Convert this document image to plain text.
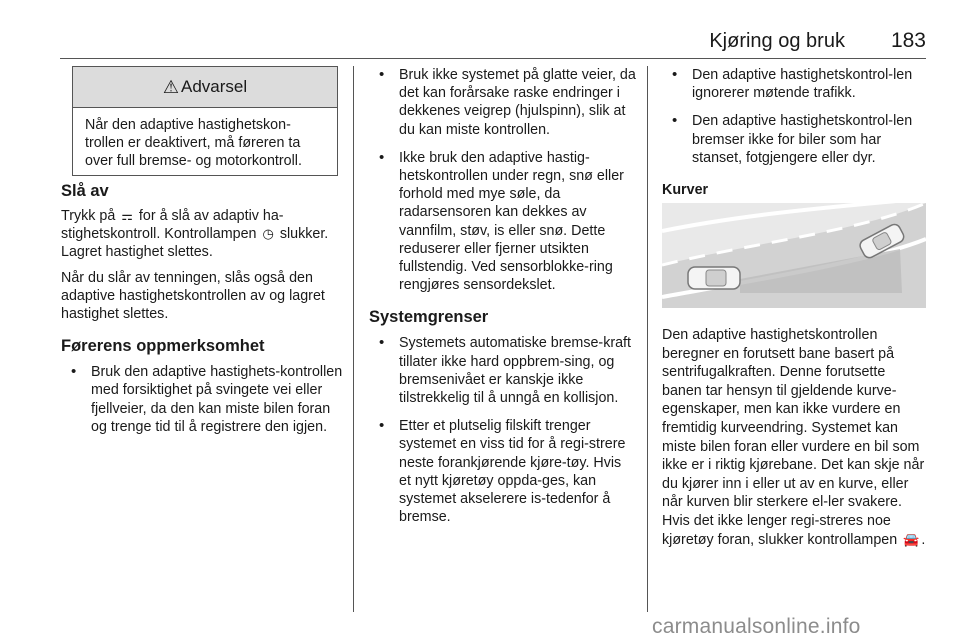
Kjøring og bruk 183
⚠ Advarsel
Når den adaptive hastighetskon-trollen er deaktivert, må føreren ta over full bremse- og motorkontroll.
Slå av

Trykk på ⚎ for å slå av adaptiv ha-stighetskontroll. Kontrollampen ◷ slukker. Lagret hastighet slettes.

Når du slår av tenningen, slås også den adaptive hastighetskontrollen av og lagret hastighet slettes.

Førerens oppmerksomhet
• Bruk den adaptive hastighets-kontrollen med forsiktighet på svingete vei eller fjellveier, da den kan miste bilen foran og trenge tid til å registrere den igjen.
• Bruk ikke systemet på glatte veier, da det kan forårsake raske endringer i dekkenes veigrep (hjulspinn), slik at du kan miste kontrollen.
• Ikke bruk den adaptive hastig-hetskontrollen under regn, snø eller forhold med mye søle, da radarsensoren kan dekkes av vannfilm, støv, is eller snø. Dette reduserer eller fjerner utsikten fullstendig. Ved sensorblokke-ring rengjøres sensordekslet.
Systemgrenser
• Systemets automatiske bremse-kraft tillater ikke hard oppbrem-sing, og bremsenivået er kanskje ikke tilstrekkelig til å unngå en kollisjon.
• Etter et plutselig filskift trenger systemet en viss tid for å regi-strere neste forankjørende kjøre-tøy. Hvis et nytt kjøretøy oppda-ges, kan systemet akselerere is-tedenfor å bremse.
• Den adaptive hastighetskontrol-len ignorerer møtende trafikk.
• Den adaptive hastighetskontrol-len bremser ikke for biler som har stanset, fotgjengere eller dyr.
Kurver

Den adaptive hastighetskontrollen beregner en forutsett bane basert på sentrifugalkraften. Denne forutsette banen tar hensyn til gjeldende kurve-egenskaper, men kan ikke vurdere en fremtidig kurveendring. Systemet kan miste bilen foran eller vurdere en bil som ikke er i riktig kjørebane. Det kan skje når du kjører inn i eller ut av en kurve, eller når kurven blir sterkere el-ler svakere. Hvis det ikke lenger regi-streres noe kjøretøy foran, slukker kontrollampen 🚘 .

carmanualsonline.info
